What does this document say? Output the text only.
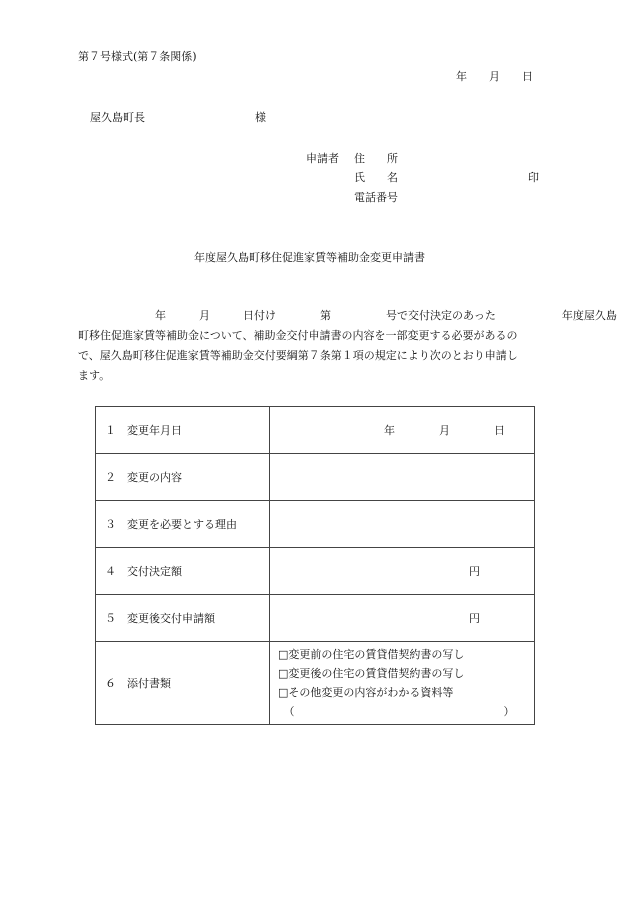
第７号様式(第７条関係)
年　　月　　日
屋久島町長	様
申請者 住　　所
氏　　名	印
電話番号
年度屋久島町移住促進家賃等補助金変更申請書
　　　　　　　年　　　月　　　日付け　　　　第　　　　　号で交付決定のあった　　　　　　年度屋久島
町移住促進家賃等補助金について、補助金交付申請書の内容を一部変更する必要があるの
で、屋久島町移住促進家賃等補助金交付要綱第７条第１項の規定により次のとおり申請し
ます。
１　変更年月日	年　　　　月　　　　日

２　変更の内容	
３　変更を必要とする理由	
４　交付決定額	円

５　変更後交付申請額	円

６　添付書類	□変更前の住宅の賃貸借契約書の写し
□変更後の住宅の賃貸借契約書の写し
□その他変更の内容がわかる資料等
　（　　　　　　　　　　　　　　　　　　　）
